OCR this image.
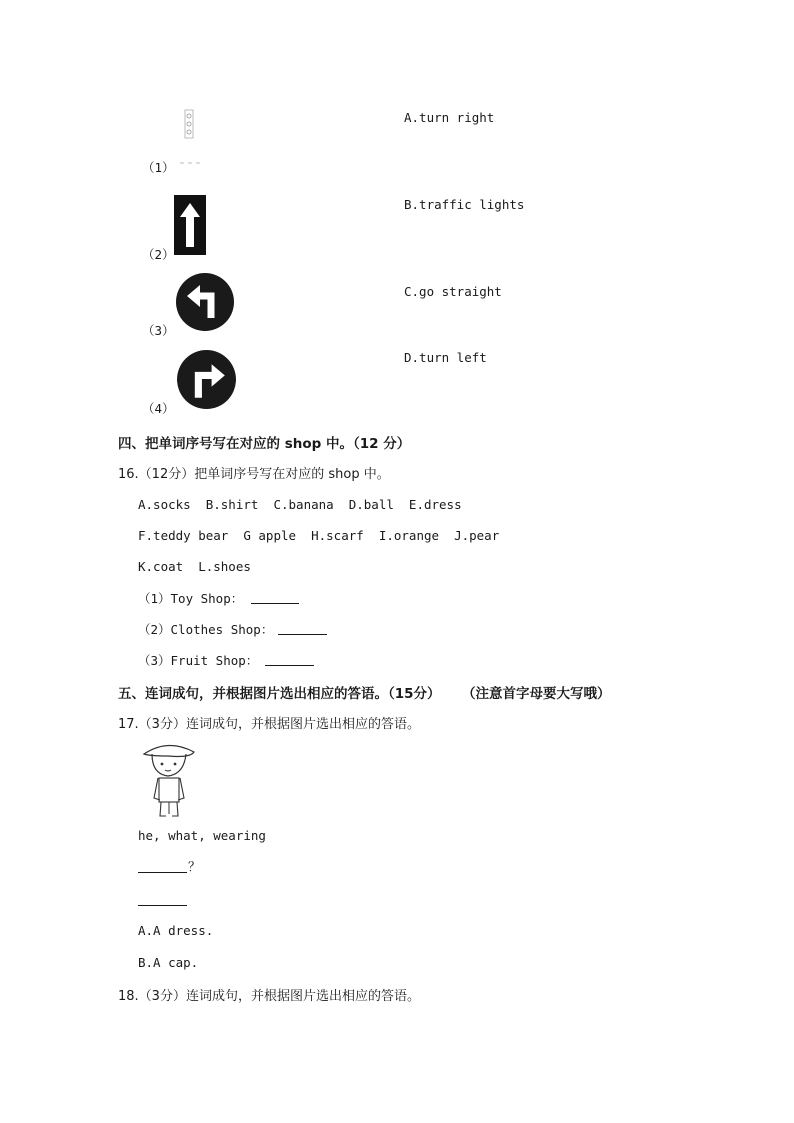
（1）
A.turn right
（2）
B.traffic lights
（3）
C.go straight
（4）
D.turn left
四、把单词序号写在对应的 shop 中。（12 分）
16.（12分）把单词序号写在对应的 shop 中。
A.socks  B.shirt  C.banana  D.ball  E.dress
F.teddy bear  G apple  H.scarf  I.orange  J.pear
K.coat  L.shoes
（1）Toy Shop：
（2）Clothes Shop：
（3）Fruit Shop：
五、连词成句，并根据图片选出相应的答语。（15分） （注意首字母要大写哦）
17.（3分）连词成句，并根据图片选出相应的答语。
he, what, wearing
？
A.A dress.
B.A cap.
18.（3分）连词成句，并根据图片选出相应的答语。
